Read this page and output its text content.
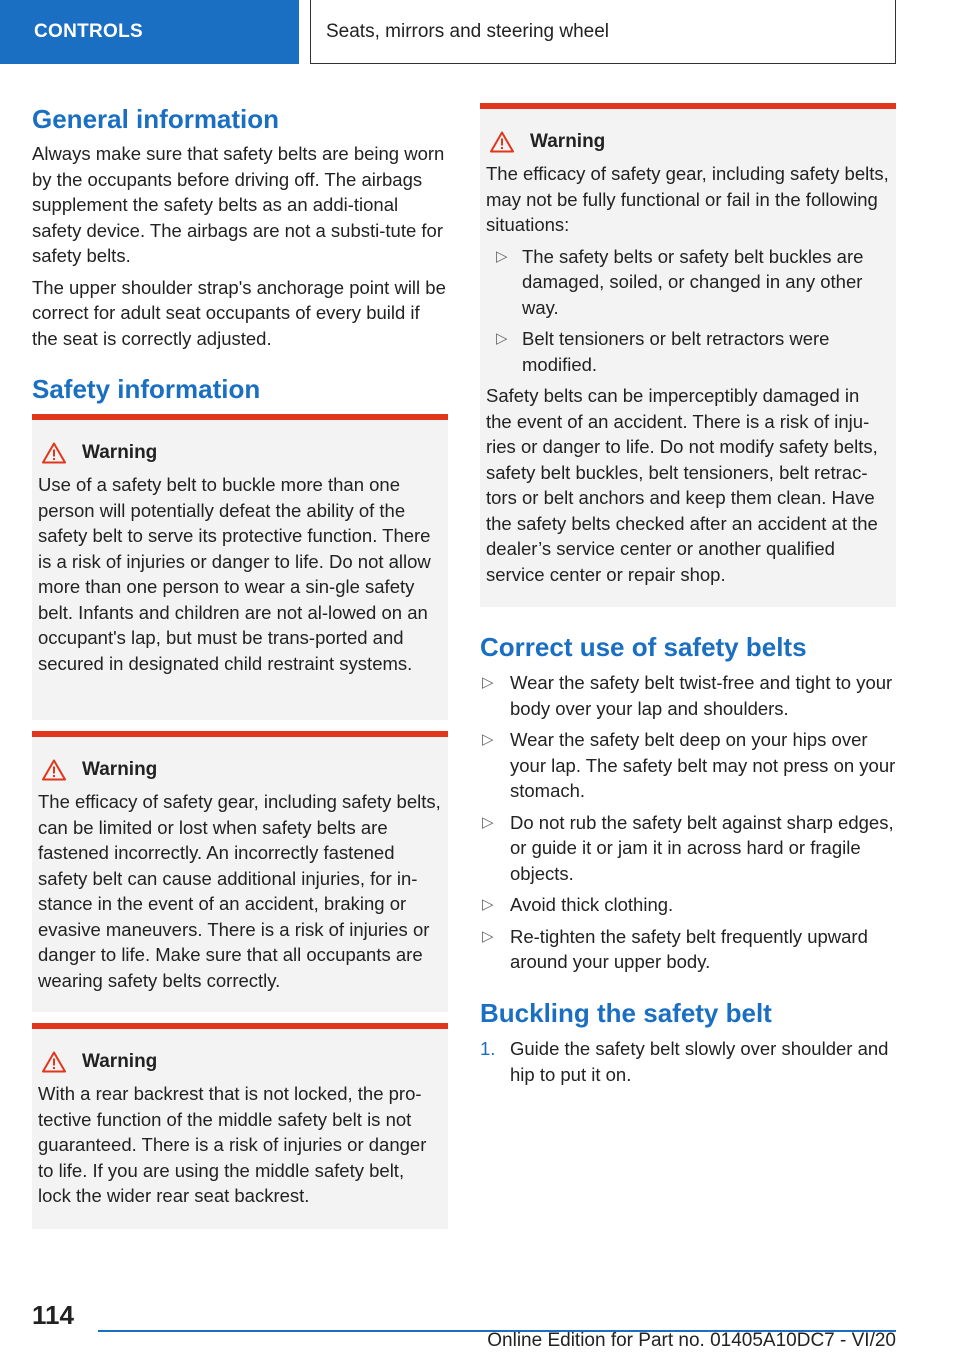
CONTROLS	Seats, mirrors and steering wheel
General information

Always make sure that safety belts are being worn by the occupants before driving off. The airbags supplement the safety belts as an addi-tional safety device. The airbags are not a substi-tute for safety belts.

The upper shoulder strap's anchorage point will be correct for adult seat occupants of every build if the seat is correctly adjusted.

Safety information
Warning

Use of a safety belt to buckle more than one person will potentially defeat the ability of the safety belt to serve its protective function. There is a risk of injuries or danger to life. Do not allow more than one person to wear a sin-gle safety belt. Infants and children are not al-lowed on an occupant's lap, but must be trans-ported and secured in designated child restraint systems.

Warning

The efficacy of safety gear, including safety belts, can be limited or lost when safety belts are fastened incorrectly. An incorrectly fastened safety belt can cause additional injuries, for in-stance in the event of an accident, braking or evasive maneuvers. There is a risk of injuries or danger to life. Make sure that all occupants are wearing safety belts correctly.

Warning

With a rear backrest that is not locked, the pro-tective function of the middle safety belt is not guaranteed. There is a risk of injuries or danger to life. If you are using the middle safety belt, lock the wider rear seat backrest.

Warning

The efficacy of safety gear, including safety belts, may not be fully functional or fail in the following situations:

▷ The safety belts or safety belt buckles are damaged, soiled, or changed in any other way.
▷ Belt tensioners or belt retractors were modified.

Safety belts can be imperceptibly damaged in the event of an accident. There is a risk of inju-ries or danger to life. Do not modify safety belts, safety belt buckles, belt tensioners, belt retrac-tors or belt anchors and keep them clean. Have the safety belts checked after an accident at the dealer’s service center or another qualified service center or repair shop.

Correct use of safety belts
▷ Wear the safety belt twist-free and tight to your body over your lap and shoulders.
▷ Wear the safety belt deep on your hips over your lap. The safety belt may not press on your stomach.
▷ Do not rub the safety belt against sharp edges, or guide it or jam it in across hard or fragile objects.
▷ Avoid thick clothing.
▷ Re-tighten the safety belt frequently upward around your upper body.
Buckling the safety belt
1. Guide the safety belt slowly over shoulder and hip to put it on.
114
Online Edition for Part no. 01405A10DC7 - VI/20
